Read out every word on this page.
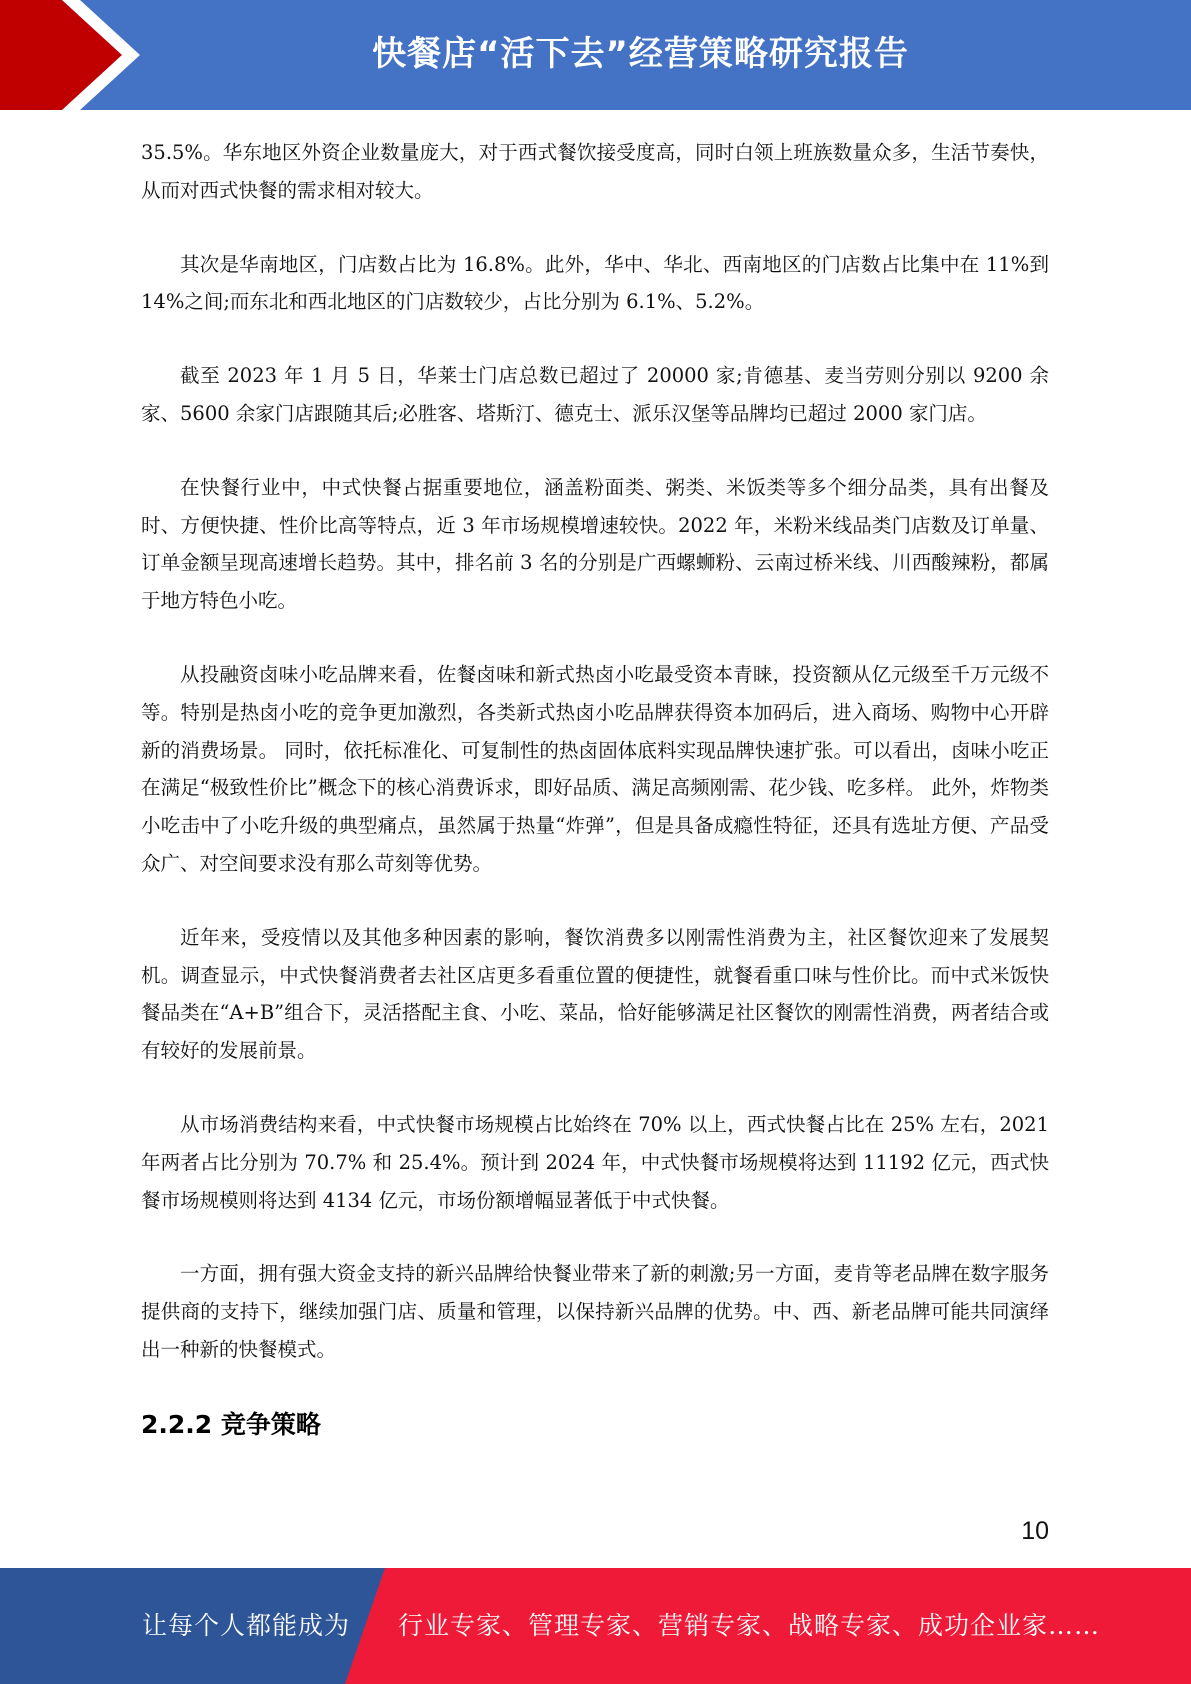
快餐店“活下去”经营策略研究报告

35.5%。华东地区外资企业数量庞大，对于西式餐饮接受度高，同时白领上班族数量众多，生活节奏快，从而对西式快餐的需求相对较大。

其次是华南地区，门店数占比为 16.8%。此外，华中、华北、西南地区的门店数占比集中在 11%到 14%之间;而东北和西北地区的门店数较少，占比分别为 6.1%、5.2%。

截至 2023 年 1 月 5 日，华莱士门店总数已超过了 20000 家;肯德基、麦当劳则分别以 9200 余家、5600 余家门店跟随其后;必胜客、塔斯汀、德克士、派乐汉堡等品牌均已超过 2000 家门店。

在快餐行业中，中式快餐占据重要地位，涵盖粉面类、粥类、米饭类等多个细分品类，具有出餐及时、方便快捷、性价比高等特点，近 3 年市场规模增速较快。2022 年，米粉米线品类门店数及订单量、订单金额呈现高速增长趋势。其中，排名前 3 名的分别是广西螺蛳粉、云南过桥米线、川西酸辣粉，都属于地方特色小吃。

从投融资卤味小吃品牌来看，佐餐卤味和新式热卤小吃最受资本青睐，投资额从亿元级至千万元级不等。特别是热卤小吃的竞争更加激烈，各类新式热卤小吃品牌获得资本加码后，进入商场、购物中心开辟新的消费场景。 同时，依托标准化、可复制性的热卤固体底料实现品牌快速扩张。可以看出，卤味小吃正在满足“极致性价比”概念下的核心消费诉求，即好品质、满足高频刚需、花少钱、吃多样。 此外，炸物类小吃击中了小吃升级的典型痛点，虽然属于热量“炸弹”，但是具备成瘾性特征，还具有选址方便、产品受众广、对空间要求没有那么苛刻等优势。

近年来，受疫情以及其他多种因素的影响，餐饮消费多以刚需性消费为主，社区餐饮迎来了发展契机。调查显示，中式快餐消费者去社区店更多看重位置的便捷性，就餐看重口味与性价比。而中式米饭快餐品类在“A+B”组合下，灵活搭配主食、小吃、菜品，恰好能够满足社区餐饮的刚需性消费，两者结合或有较好的发展前景。

从市场消费结构来看，中式快餐市场规模占比始终在 70% 以上，西式快餐占比在 25% 左右，2021 年两者占比分别为 70.7% 和 25.4%。预计到 2024 年，中式快餐市场规模将达到 11192 亿元，西式快餐市场规模则将达到 4134 亿元，市场份额增幅显著低于中式快餐。

一方面，拥有强大资金支持的新兴品牌给快餐业带来了新的刺激;另一方面，麦肯等老品牌在数字服务提供商的支持下，继续加强门店、质量和管理，以保持新兴品牌的优势。中、西、新老品牌可能共同演绎出一种新的快餐模式。

2.2.2 竞争策略
10
让每个人都能成为 行业专家、管理专家、营销专家、战略专家、成功企业家……
